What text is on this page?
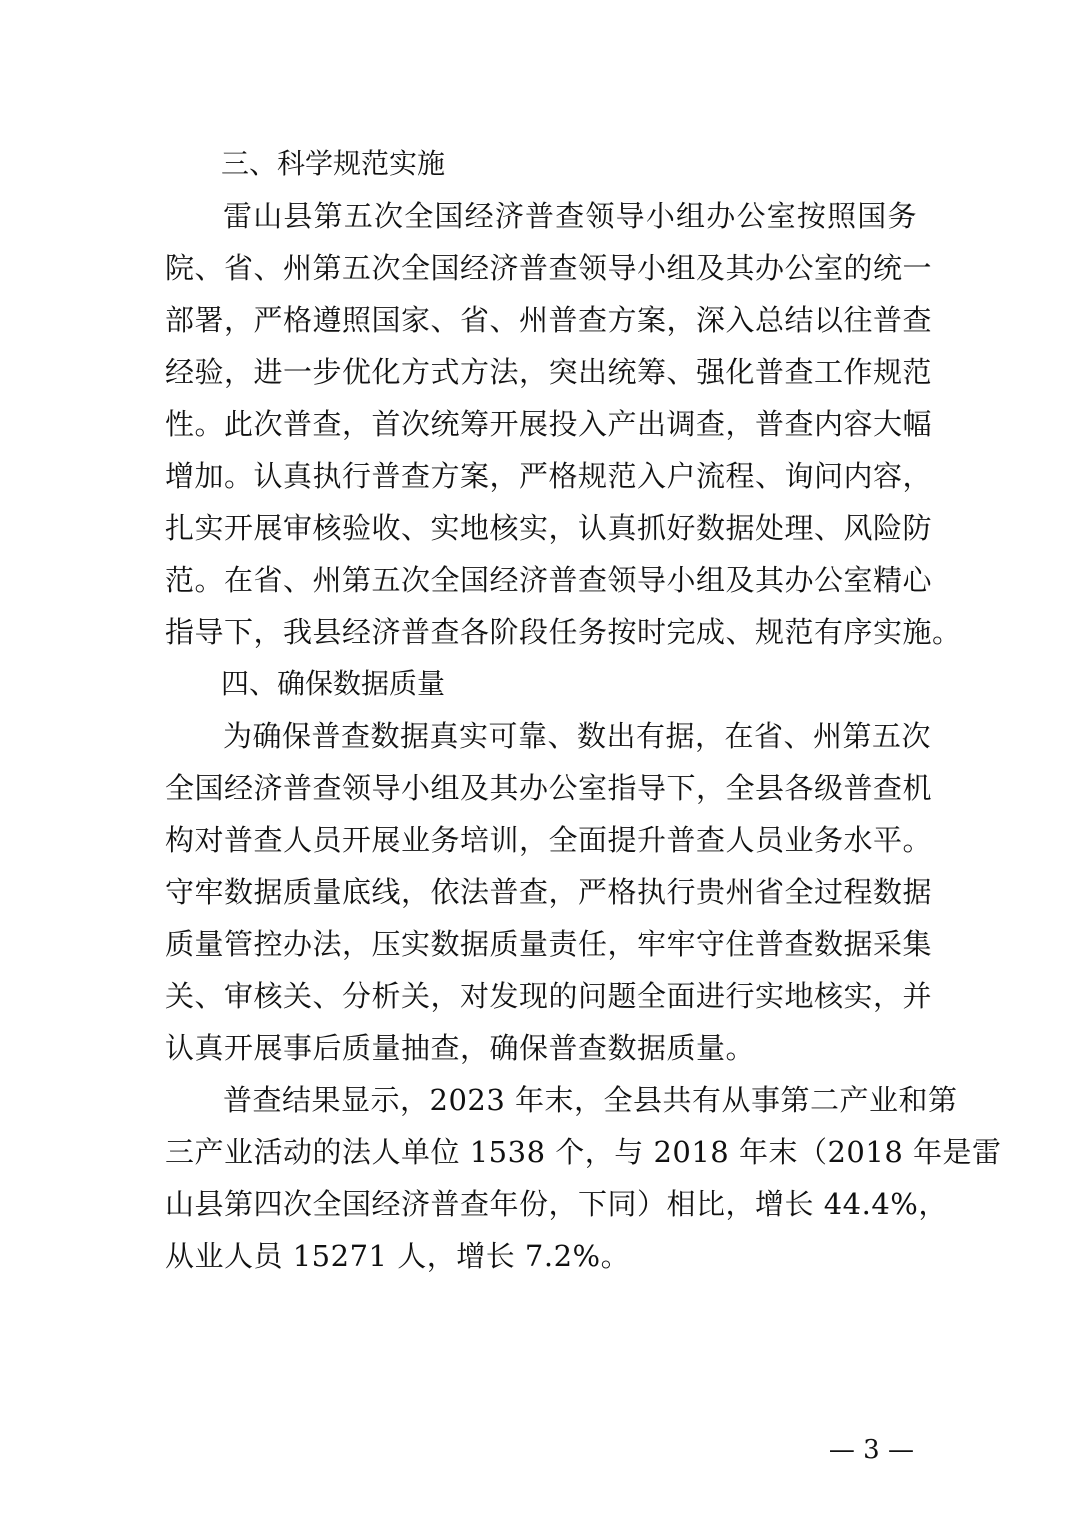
三、科学规范实施

雷山县第五次全国经济普查领导小组办公室按照国务

院、省、州第五次全国经济普查领导小组及其办公室的统一

部署，严格遵照国家、省、州普查方案，深入总结以往普查

经验，进一步优化方式方法，突出统筹、强化普查工作规范

性。此次普查，首次统筹开展投入产出调查，普查内容大幅

增加。认真执行普查方案，严格规范入户流程、询问内容，

扎实开展审核验收、实地核实，认真抓好数据处理、风险防

范。在省、州第五次全国经济普查领导小组及其办公室精心

指导下，我县经济普查各阶段任务按时完成、规范有序实施。

四、确保数据质量

为确保普查数据真实可靠、数出有据，在省、州第五次

全国经济普查领导小组及其办公室指导下，全县各级普查机

构对普查人员开展业务培训，全面提升普查人员业务水平。

守牢数据质量底线，依法普查，严格执行贵州省全过程数据

质量管控办法，压实数据质量责任，牢牢守住普查数据采集

关、审核关、分析关，对发现的问题全面进行实地核实，并

认真开展事后质量抽查，确保普查数据质量。

普查结果显示，2023 年末，全县共有从事第二产业和第

三产业活动的法人单位 1538 个，与 2018 年末（2018 年是雷

山县第四次全国经济普查年份，下同）相比，增长 44.4%，

从业人员 15271 人，增长 7.2%。

— 3 —
